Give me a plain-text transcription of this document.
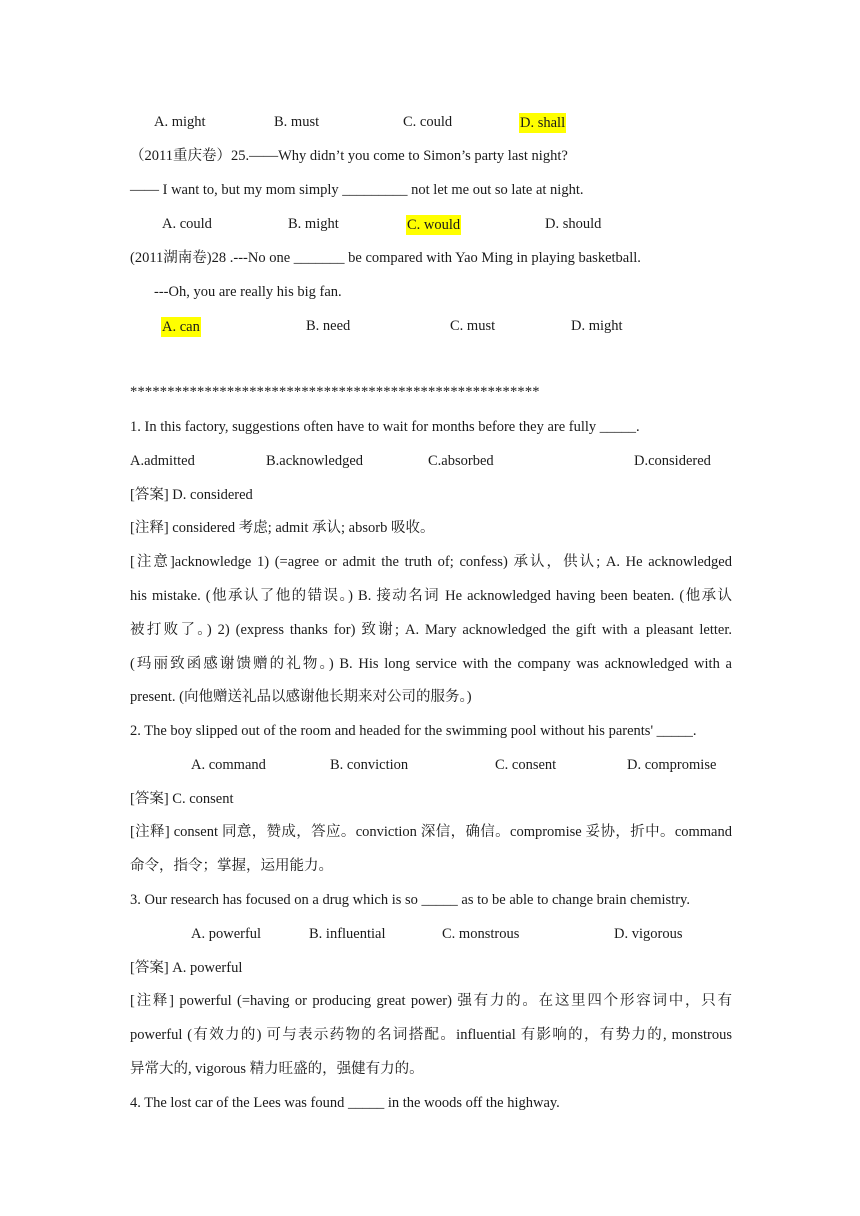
A. might	B. must	C. could	D. shall
（2011重庆卷）25.——Why didn’t you come to Simon’s party last night?
—— I want to, but my mom simply _________ not let me out so late at night.
A. could	B. might	C. would	D. should
(2011湖南卷)28 .---No one _______ be compared with Yao Ming in playing basketball.
---Oh, you are really his big fan.
A. can	B. need	C. must	D. might
*******************************************************
1. In this factory, suggestions often have to wait for months before they are fully _____.
A.admitted	B.acknowledged	C.absorbed	D.considered
[答案] D. considered
[注释] considered 考虑; admit 承认; absorb 吸收。
[注意]acknowledge 1) (=agree or admit the truth of; confess) 承认，供认; A. He acknowledged
his mistake. (他承认了他的错误。) B. 接动名词 He acknowledged having been beaten. (他承认
被打败了。) 2) (express thanks for) 致谢; A. Mary acknowledged the gift with a pleasant letter.
(玛丽致函感谢馈赠的礼物。) B. His long service with the company was acknowledged with a
present. (向他赠送礼品以感谢他长期来对公司的服务。)
2. The boy slipped out of the room and headed for the swimming pool without his parents' _____.
A. command	B. conviction	C. consent	D. compromise
[答案] C. consent
[注释] consent 同意，赞成，答应。conviction 深信，确信。compromise 妥协，折中。command
命令，指令；掌握，运用能力。
3. Our research has focused on a drug which is so _____ as to be able to change brain chemistry.
A. powerful	B. influential	C. monstrous	D. vigorous
[答案] A. powerful
[注释] powerful (=having or producing great power) 强有力的。在这里四个形容词中，只有
powerful (有效力的) 可与表示药物的名词搭配。influential 有影响的，有势力的, monstrous
异常大的, vigorous 精力旺盛的，强健有力的。
4. The lost car of the Lees was found _____ in the woods off the highway.
